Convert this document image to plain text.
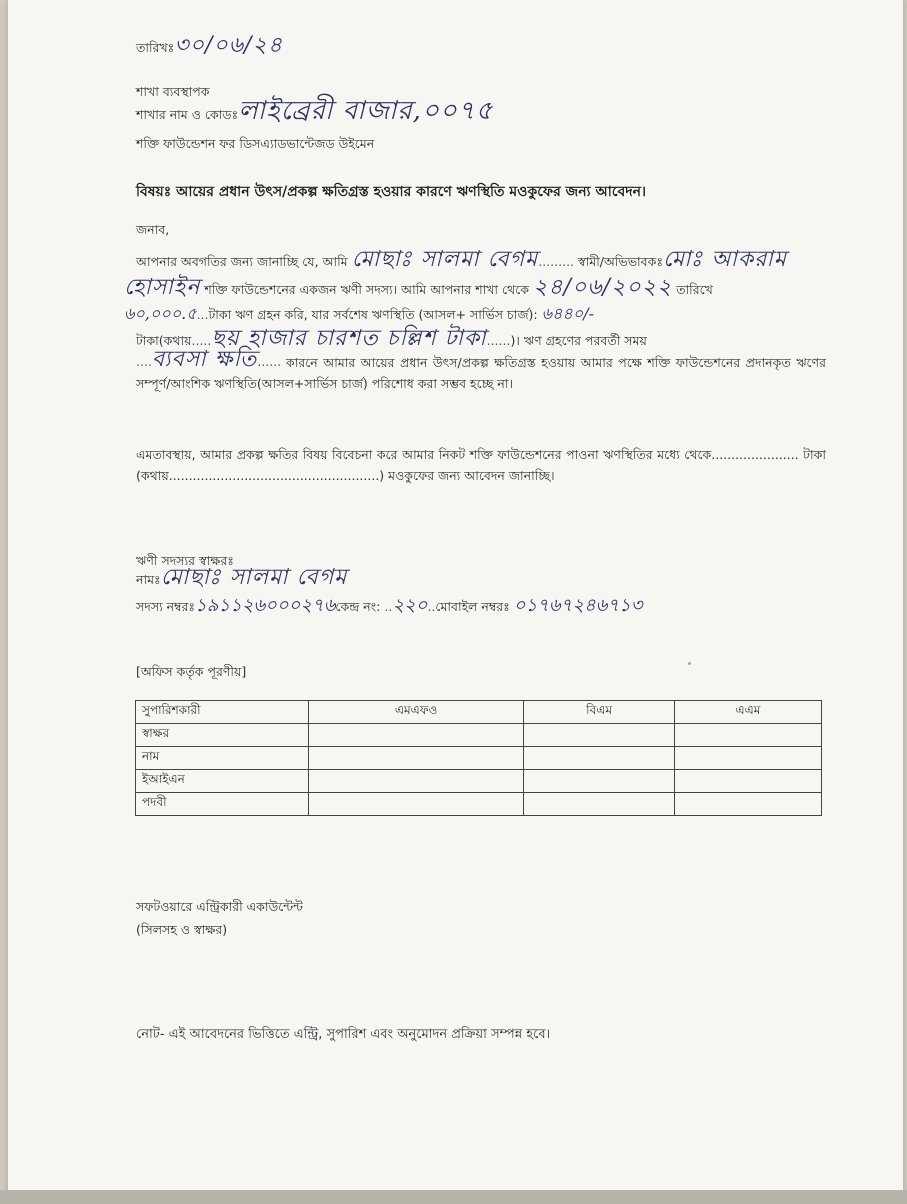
তারিখঃ৩০/০৬/২৪
শাখা ব্যবস্থাপক
শাখার নাম ও কোডঃলাইব্রেরী বাজার,০০৭৫
শক্তি ফাউন্ডেশন ফর ডিসএ্যাডভান্টেজড উইমেন
বিষয়ঃ আয়ের প্রধান উৎস/প্রকল্প ক্ষতিগ্রস্ত হওয়ার কারণে ঋণস্থিতি মওকুফের জন্য আবেদন।
জনাব,
আপনার অবগতির জন্য জানাচ্ছি যে, আমি মোছাঃ সালমা বেগম......... স্বামী/অভিভাবকঃমোঃ আকরাম
হোসাইন শক্তি ফাউন্ডেশনের একজন ঋণী সদস্য। আমি আপনার শাখা থেকে ২৪/০৬/২০২২ তারিখে
৬০,০০০.৫...টাকা ঋণ গ্রহন করি, যার সর্বশেষ ঋণস্থিতি (আসল+ সার্ভিস চার্জ): ৬৪৪০/-
টাকা(কথায়.....ছয় হাজার চারশত চল্লিশ টাকা......)। ঋণ গ্রহণের পরবর্তী সময়
....ব্যবসা ক্ষতি...... কারনে আমার আয়ের প্রধান উৎস/প্রকল্প ক্ষতিগ্রস্ত হওয়ায় আমার পক্ষে শক্তি ফাউন্ডেশনের প্রদানকৃত ঋণের সম্পূর্ণ/আংশিক ঋণস্থিতি(আসল+সার্ভিস চার্জ) পরিশোধ করা সম্ভব হচ্ছে না।
এমতাবস্থায়, আমার প্রকল্প ক্ষতির বিষয় বিবেচনা করে আমার নিকট শক্তি ফাউন্ডেশনের পাওনা ঋণস্থিতির মধ্যে থেকে...................... টাকা (কথায়.....................................................) মওকুফের জন্য আবেদন জানাচ্ছি।
ঋণী সদস্যর স্বাক্ষরঃ
নামঃমোছাঃ সালমা বেগম
সদস্য নম্বরঃ১৯১১২৬০০০২৭৬কেন্দ্র নং: ..২২০..মোবাইল নম্বরঃ ০১৭৬৭২৪৬৭১৩
[অফিস কর্তৃক পূরণীয়]
সুপারিশকারী	এমএফও	বিএম	এএম
স্বাক্ষর			
নাম			
ইআইএন			
পদবী			
সফটওয়ারে এন্ট্রিকারী একাউন্টেন্ট
(সিলসহ ও স্বাক্ষর)
নোট- এই আবেদনের ভিত্তিতে এন্ট্রি, সুপারিশ এবং অনুমোদন প্রক্রিয়া সম্পন্ন হবে।
